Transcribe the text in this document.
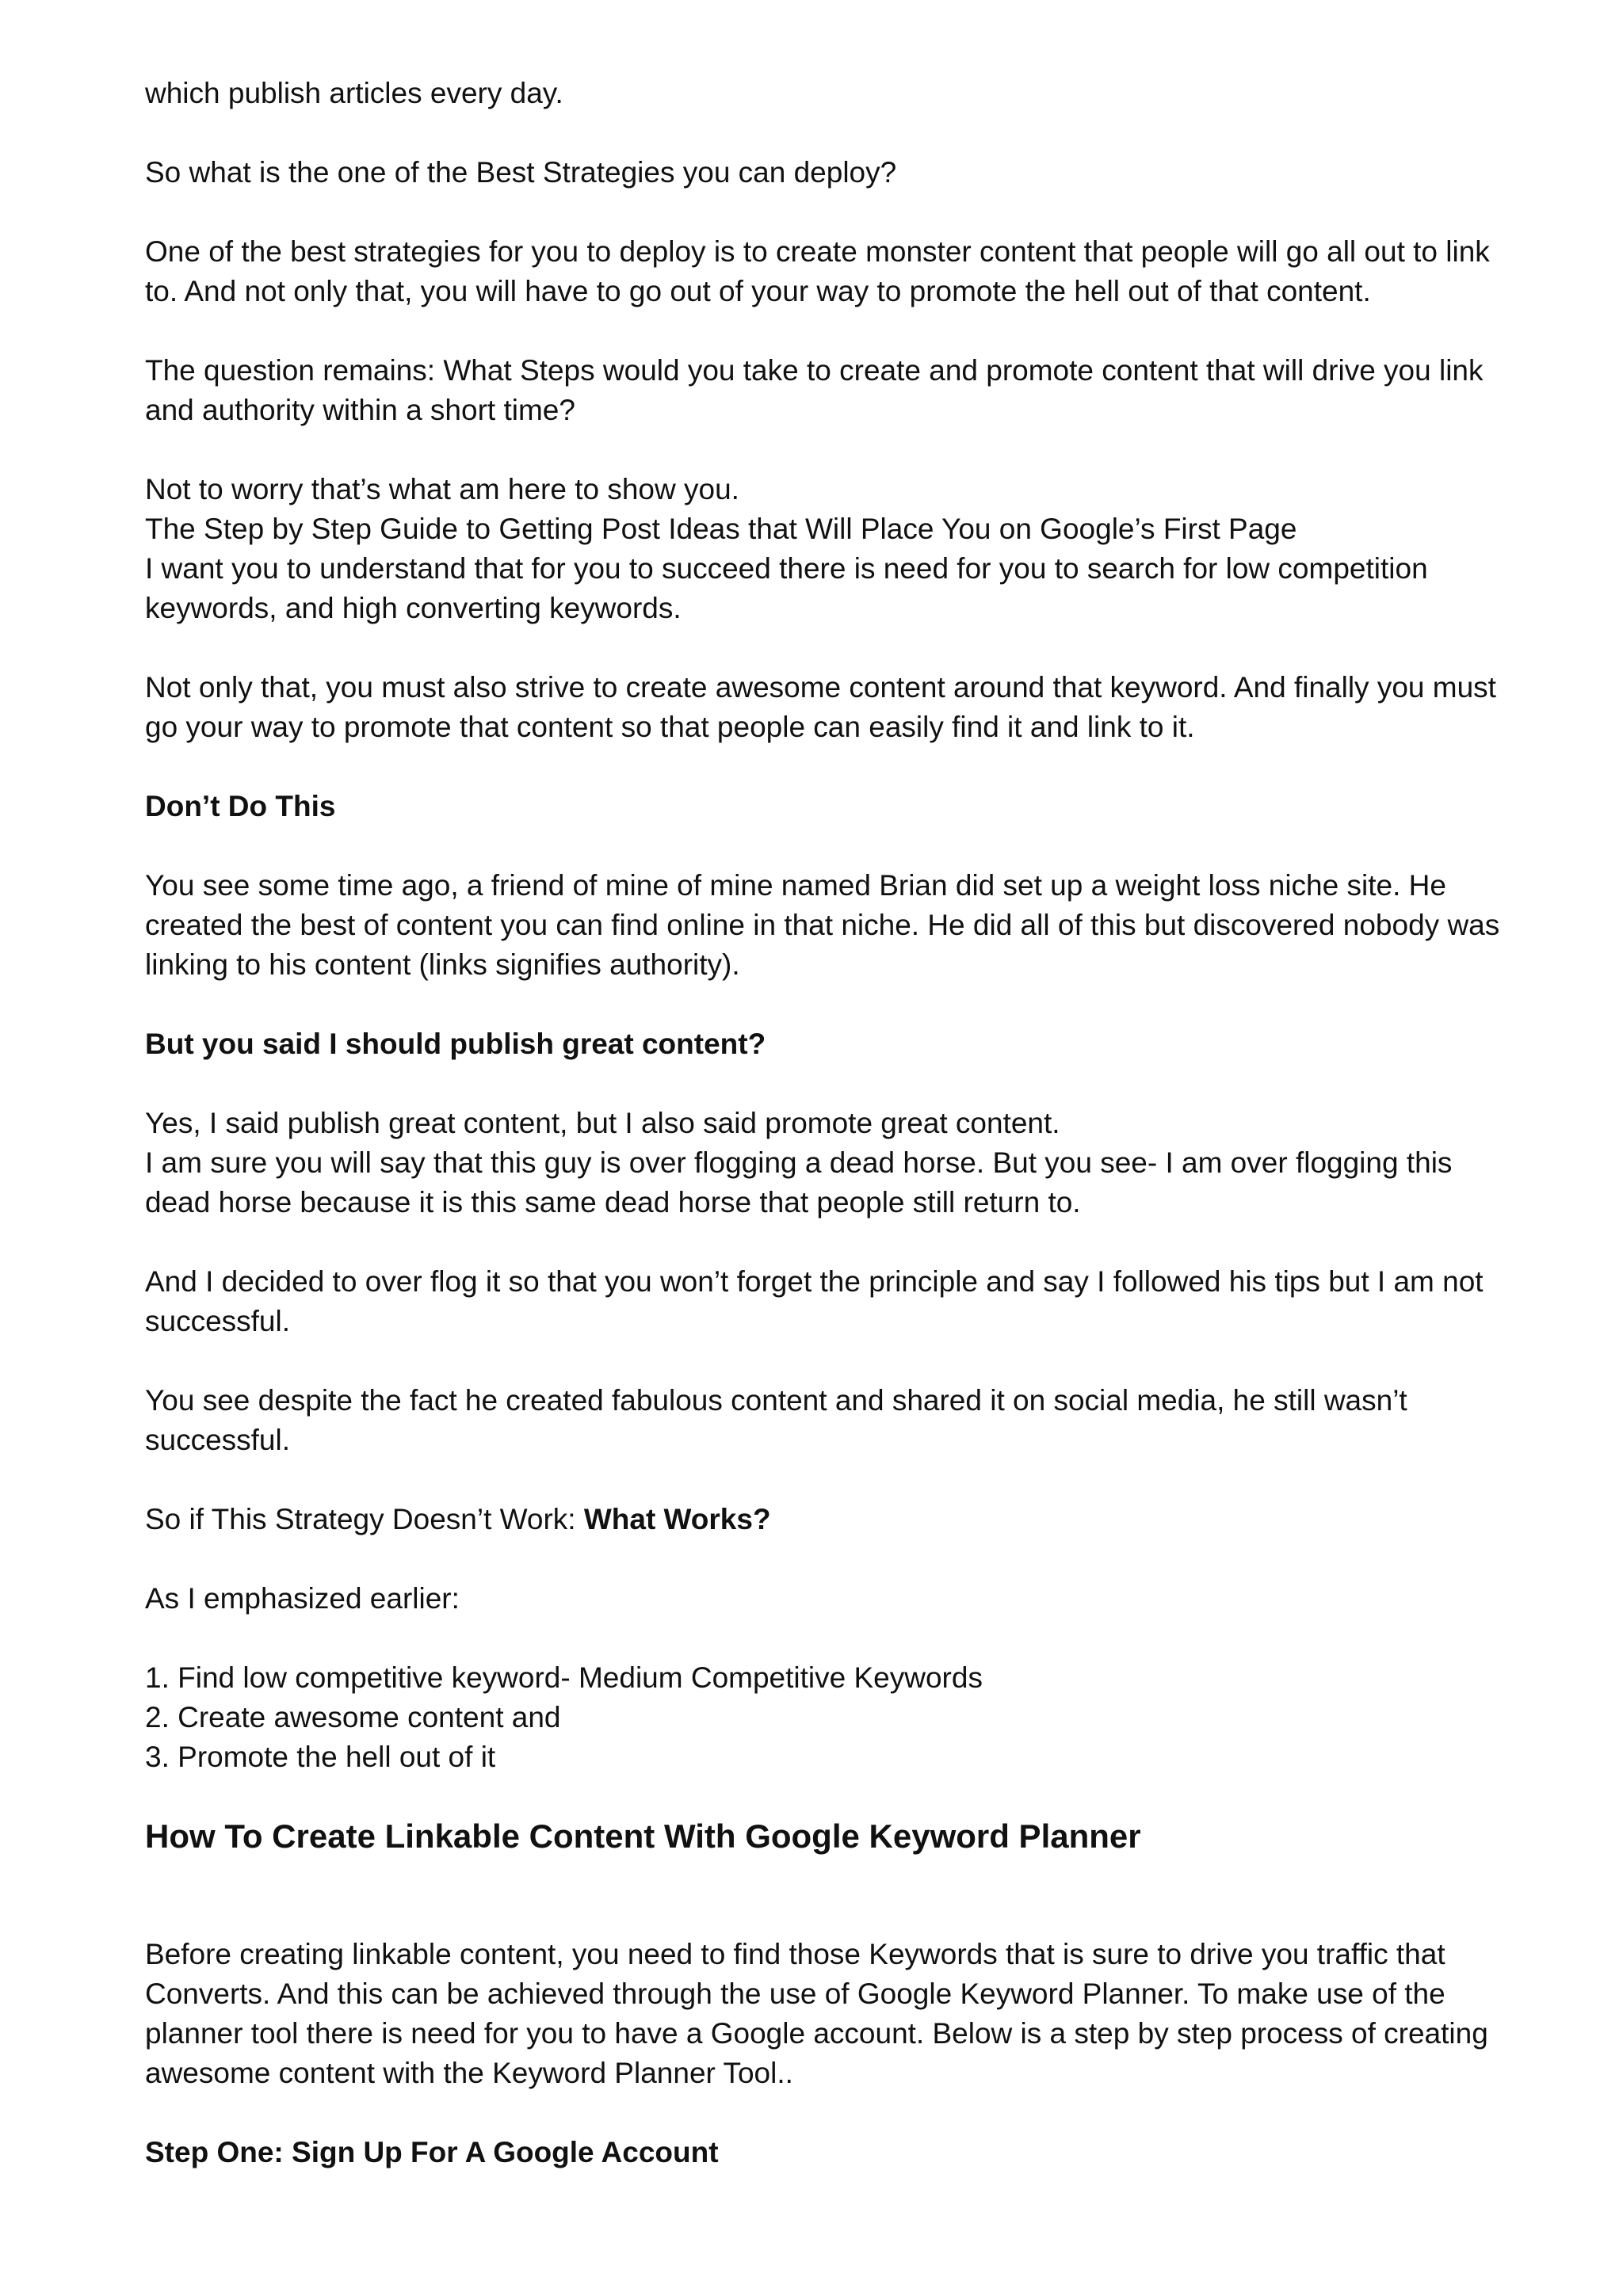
which publish articles every day.

So what is the one of the Best Strategies you can deploy?

One of the best strategies for you to deploy is to create monster content that people will go all out to link to. And not only that, you will have to go out of your way to promote the hell out of that content.

The question remains: What Steps would you take to create and promote content that will drive you link and authority within a short time?

Not to worry that’s what am here to show you.

The Step by Step Guide to Getting Post Ideas that Will Place You on Google’s First Page

I want you to understand that for you to succeed there is need for you to search for low competition keywords, and high converting keywords.

Not only that, you must also strive to create awesome content around that keyword. And finally you must go your way to promote that content so that people can easily find it and link to it.

Don’t Do This

You see some time ago, a friend of mine of mine named Brian did set up a weight loss niche site. He created the best of content you can find online in that niche. He did all of this but discovered nobody was linking to his content (links signifies authority).

But you said I should publish great content?

Yes, I said publish great content, but I also said promote great content.

I am sure you will say that this guy is over flogging a dead horse. But you see- I am over flogging this dead horse because it is this same dead horse that people still return to.

And I decided to over flog it so that you won’t forget the principle and say I followed his tips but I am not successful.

You see despite the fact he created fabulous content and shared it on social media, he still wasn’t successful.

So if This Strategy Doesn’t Work: What Works?

As I emphasized earlier:

1. Find low competitive keyword- Medium Competitive Keywords
2. Create awesome content and
3. Promote the hell out of it
How To Create Linkable Content With Google Keyword Planner

Before creating linkable content, you need to find those Keywords that is sure to drive you traffic that Converts. And this can be achieved through the use of Google Keyword Planner. To make use of the planner tool there is need for you to have a Google account. Below is a step by step process of creating awesome content with the Keyword Planner Tool..

Step One: Sign Up For A Google Account
